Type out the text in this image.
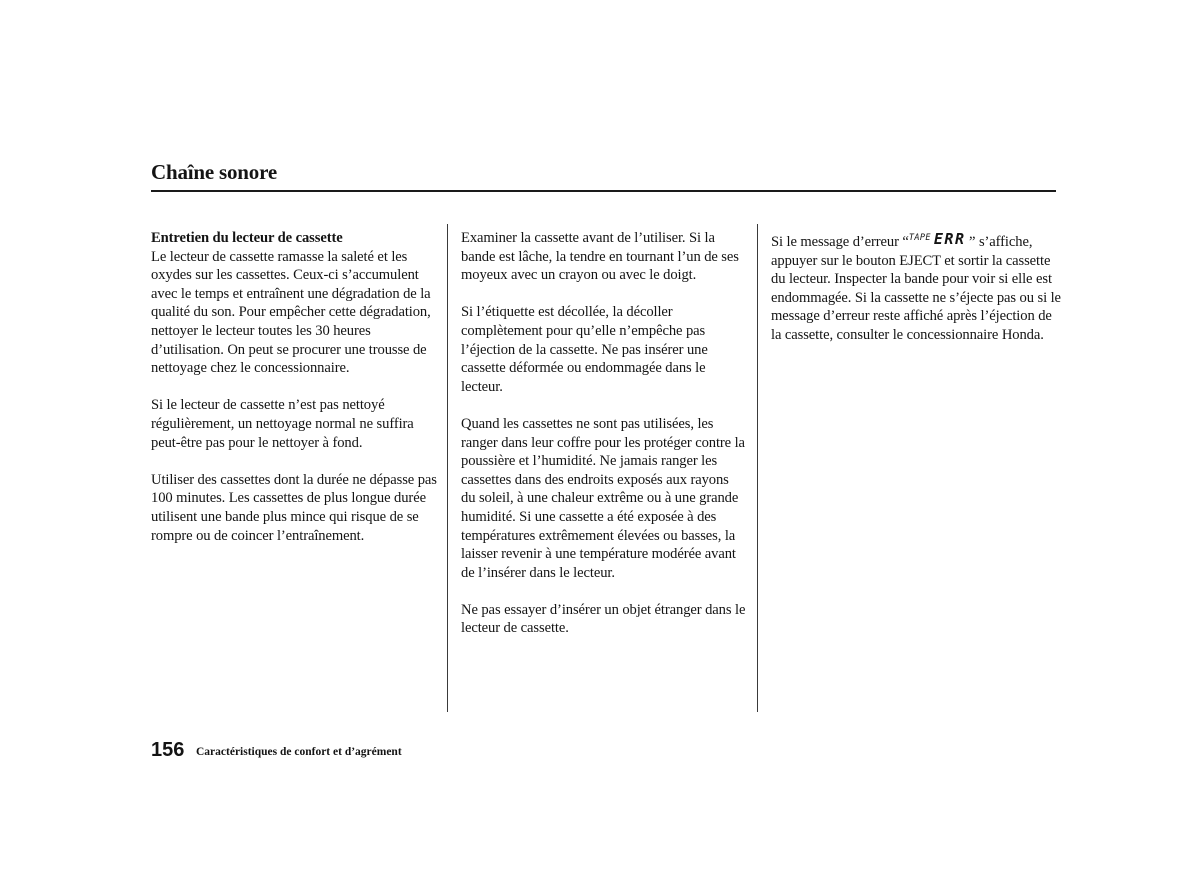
Chaîne sonore

Entretien du lecteur de cassette
Le lecteur de cassette ramasse la saleté et les oxydes sur les cassettes. Ceux-ci s’accumulent avec le temps et entraînent une dégradation de la qualité du son. Pour empêcher cette dégradation, nettoyer le lecteur toutes les 30 heures d’utilisation. On peut se procurer une trousse de nettoyage chez le concessionnaire.

Si le lecteur de cassette n’est pas nettoyé régulièrement, un nettoyage normal ne suffira peut-être pas pour le nettoyer à fond.

Utiliser des cassettes dont la durée ne dépasse pas 100 minutes. Les cassettes de plus longue durée utilisent une bande plus mince qui risque de se rompre ou de coincer l’entraînement.

Examiner la cassette avant de l’utiliser. Si la bande est lâche, la tendre en tournant l’un de ses moyeux avec un crayon ou avec le doigt.

Si l’étiquette est décollée, la décoller complètement pour qu’elle n’empêche pas l’éjection de la cassette. Ne pas insérer une cassette déformée ou endommagée dans le lecteur.

Quand les cassettes ne sont pas utilisées, les ranger dans leur coffre pour les protéger contre la poussière et l’humidité. Ne jamais ranger les cassettes dans des endroits exposés aux rayons du soleil, à une chaleur extrême ou à une grande humidité. Si une cassette a été exposée à des températures extrêmement élevées ou basses, la laisser revenir à une température modérée avant de l’insérer dans le lecteur.

Ne pas essayer d’insérer un objet étranger dans le lecteur de cassette.

Si le message d’erreur “$^{TAPE}$ ERR ” s’affiche, appuyer sur le bouton EJECT et sortir la cassette du lecteur. Inspecter la bande pour voir si elle est endommagée. Si la cassette ne s’éjecte pas ou si le message d’erreur reste affiché après l’éjection de la cassette, consulter le concessionnaire Honda.

156 Caractéristiques de confort et d’agrément
